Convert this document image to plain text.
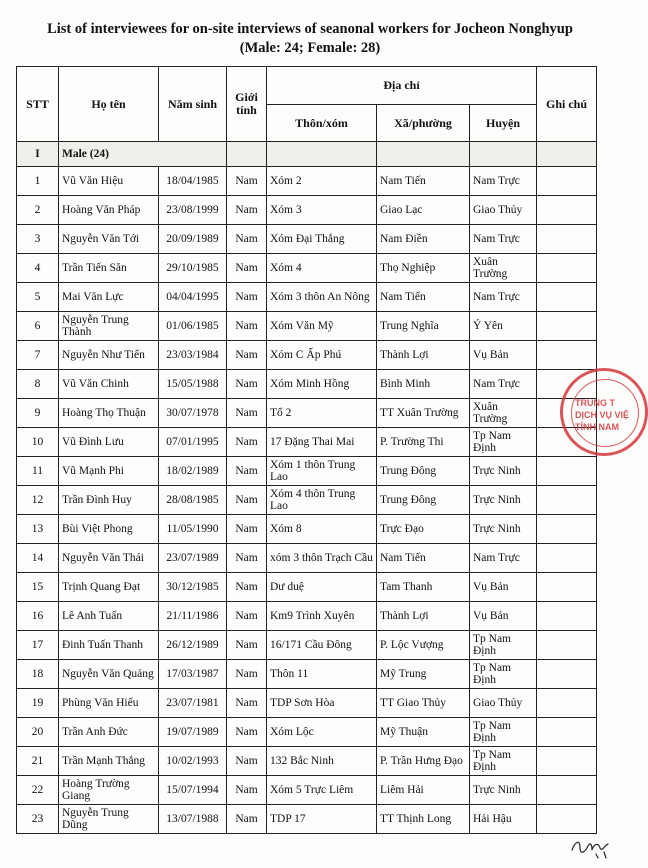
List of interviewees for on-site interviews of seanonal workers for Jocheon Nonghyup
(Male: 24; Female: 28)
STT	Họ tên	Năm sinh	Giới tính	Địa chỉ			Ghi chú
				Thôn/xóm	Xã/phường	Huyện	
I	Male (24)						
1	Vũ Văn Hiệu	18/04/1985	Nam	Xóm 2	Nam Tiến	Nam Trực	
2	Hoàng Văn Pháp	23/08/1999	Nam	Xóm 3	Giao Lạc	Giao Thủy	
3	Nguyễn Văn Tới	20/09/1989	Nam	Xóm Đại Thắng	Nam Điền	Nam Trực	
4	Trần Tiến Săn	29/10/1985	Nam	Xóm 4	Thọ Nghiệp	Xuân Trường	
5	Mai Văn Lực	04/04/1995	Nam	Xóm 3 thôn An Nông	Nam Tiến	Nam Trực	
6	Nguyễn Trung Thành	01/06/1985	Nam	Xóm Văn Mỹ	Trung Nghĩa	Ý Yên	
7	Nguyễn Như Tiến	23/03/1984	Nam	Xóm C Ấp Phú	Thành Lợi	Vụ Bản	
8	Vũ Văn Chinh	15/05/1988	Nam	Xóm Minh Hồng	Bình Minh	Nam Trực	
9	Hoàng Thọ Thuận	30/07/1978	Nam	Tổ 2	TT Xuân Trường	Xuân Trường	
10	Vũ Đình Lưu	07/01/1995	Nam	17 Đặng Thai Mai	P. Trường Thi	Tp Nam Định	
11	Vũ Mạnh Phi	18/02/1989	Nam	Xóm 1 thôn Trung Lao	Trung Đông	Trực Ninh	
12	Trần Đình Huy	28/08/1985	Nam	Xóm 4 thôn Trung Lao	Trung Đông	Trực Ninh	
13	Bùi Việt Phong	11/05/1990	Nam	Xóm 8	Trực Đạo	Trực Ninh	
14	Nguyễn Văn Thái	23/07/1989	Nam	xóm 3 thôn Trạch Cầu	Nam Tiến	Nam Trực	
15	Trịnh Quang Đạt	30/12/1985	Nam	Dư duệ	Tam Thanh	Vụ Bản	
16	Lê Anh Tuấn	21/11/1986	Nam	Km9 Trình Xuyên	Thành Lợi	Vụ Bản	
17	Đinh Tuấn Thanh	26/12/1989	Nam	16/171 Cầu Đông	P. Lộc Vượng	Tp Nam Định	
18	Nguyễn Văn Quảng	17/03/1987	Nam	Thôn 11	Mỹ Trung	Tp Nam Định	
19	Phùng Văn Hiếu	23/07/1981	Nam	TDP Sơn Hòa	TT Giao Thủy	Giao Thủy	
20	Trần Anh Đức	19/07/1989	Nam	Xóm Lộc	Mỹ Thuận	Tp Nam Định	
21	Trần Mạnh Thắng	10/02/1993	Nam	132 Bắc Ninh	P. Trần Hưng Đạo	Tp Nam Định	
22	Hoàng Trường Giang	15/07/1994	Nam	Xóm 5 Trực Liêm	Liêm Hải	Trực Ninh	
23	Nguyễn Trung Dũng	13/07/1988	Nam	TDP 17	TT Thịnh Long	Hải Hậu	
TRUNG T
DỊCH VỤ VIỆ
TỈNH NAM
